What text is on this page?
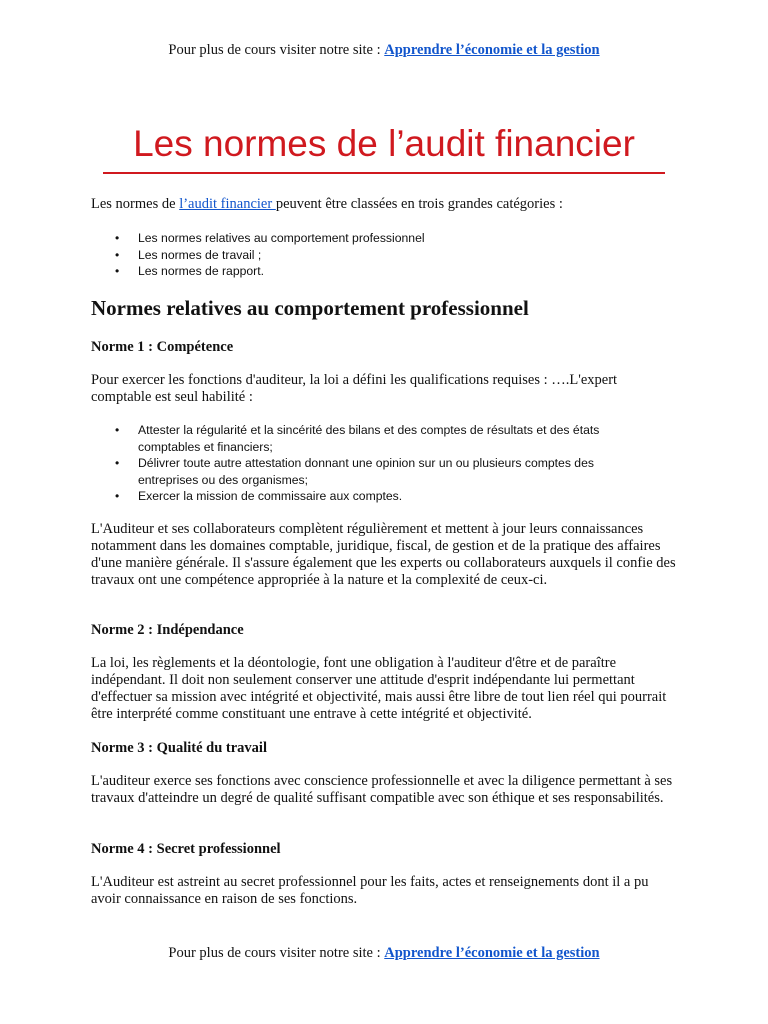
Pour plus de cours visiter notre site : Apprendre l’économie et la gestion
Les normes de l’audit financier

Les normes de l’audit financier peuvent être classées en trois grandes catégories :

• Les normes relatives au comportement professionnel
• Les normes de travail ;
• Les normes de rapport.
Normes relatives au comportement professionnel
Norme 1 : Compétence

Pour exercer les fonctions d'auditeur, la loi a défini les qualifications requises : ….L'expert comptable est seul habilité :

• Attester la régularité et la sincérité des bilans et des comptes de résultats et des états comptables et financiers;
• Délivrer toute autre attestation donnant une opinion sur un ou plusieurs comptes des entreprises ou des organismes;
• Exercer la mission de commissaire aux comptes.

L'Auditeur et ses collaborateurs complètent régulièrement et mettent à jour leurs connaissances notamment dans les domaines comptable, juridique, fiscal, de gestion et de la pratique des affaires d'une manière générale. Il s'assure également que les experts ou collaborateurs auxquels il confie des travaux ont une compétence appropriée à la nature et la complexité de ceux-ci.

Norme 2 : Indépendance

La loi, les règlements et la déontologie, font une obligation à l'auditeur d'être et de paraître indépendant. Il doit non seulement conserver une attitude d'esprit indépendante lui permettant d'effectuer sa mission avec intégrité et objectivité, mais aussi être libre de tout lien réel qui pourrait être interprété comme constituant une entrave à cette intégrité et objectivité.

Norme 3 : Qualité du travail

L'auditeur exerce ses fonctions avec conscience professionnelle et avec la diligence permettant à ses travaux d'atteindre un degré de qualité suffisant compatible avec son éthique et ses responsabilités.

Norme 4 : Secret professionnel

L'Auditeur est astreint au secret professionnel pour les faits, actes et renseignements dont il a pu avoir connaissance en raison de ses fonctions.

Pour plus de cours visiter notre site : Apprendre l’économie et la gestion
